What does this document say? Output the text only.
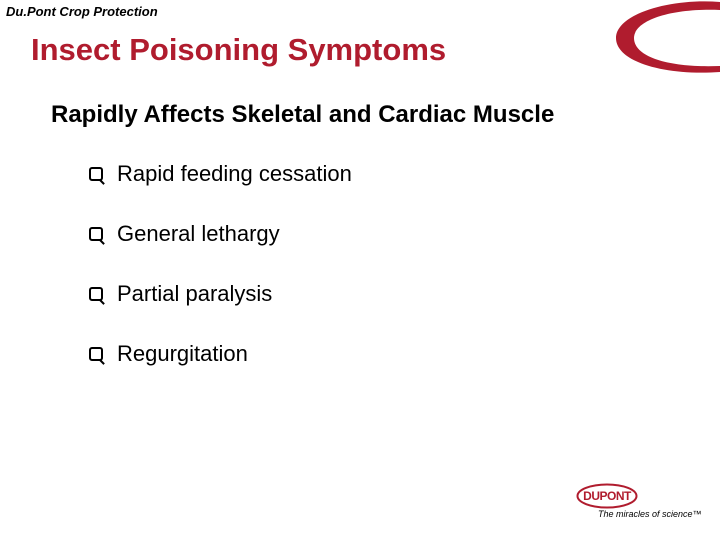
Du.Pont Crop Protection
Insect Poisoning Symptoms
Rapidly Affects Skeletal and Cardiac Muscle
Rapid feeding cessation
General lethargy
Partial paralysis
Regurgitation
DUPONT
The miracles of science™
